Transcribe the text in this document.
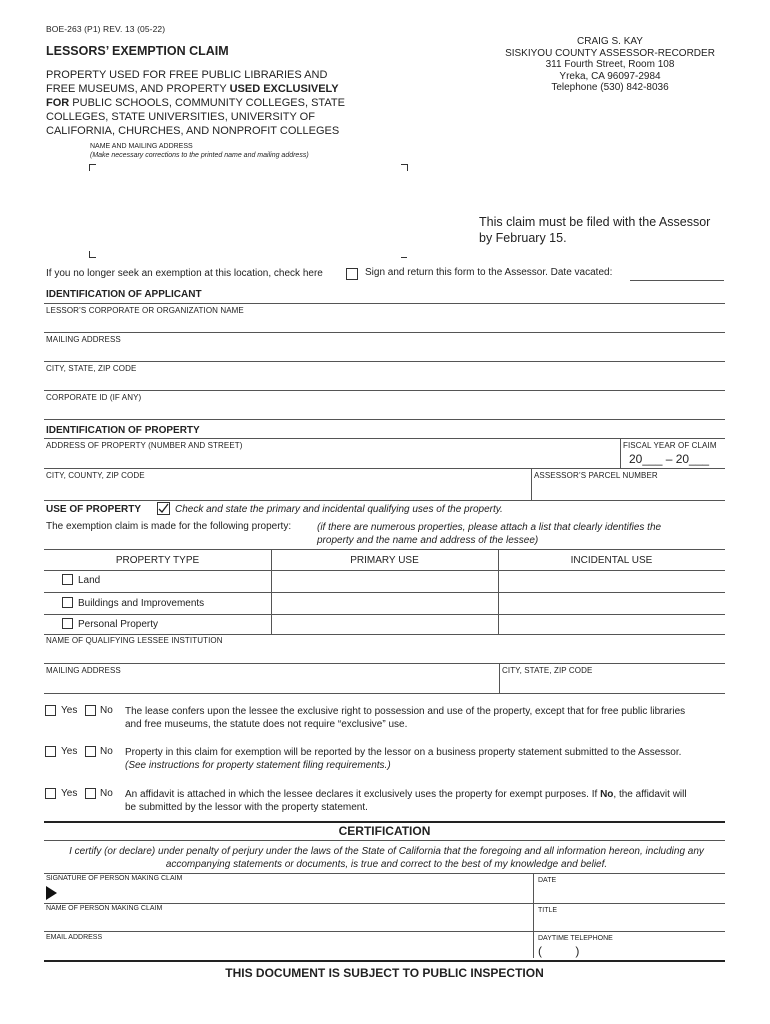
BOE-263 (P1) REV. 13 (05-22)
LESSORS’ EXEMPTION CLAIM
PROPERTY USED FOR FREE PUBLIC LIBRARIES AND
FREE MUSEUMS, AND PROPERTY USED EXCLUSIVELY
FOR PUBLIC SCHOOLS, COMMUNITY COLLEGES, STATE
COLLEGES, STATE UNIVERSITIES, UNIVERSITY OF
CALIFORNIA, CHURCHES, AND NONPROFIT COLLEGES
CRAIG S. KAY
SISKIYOU COUNTY ASSESSOR-RECORDER
311 Fourth Street, Room 108
Yreka, CA 96097-2984
Telephone (530) 842-8036
NAME AND MAILING ADDRESS
(Make necessary corrections to the printed name and mailing address)
This claim must be filed with the Assessor
by February 15.
If you no longer seek an exemption at this location, check here	Sign and return this form to the Assessor. Date vacated:
IDENTIFICATION OF APPLICANT
LESSOR’S CORPORATE OR ORGANIZATION NAME
MAILING ADDRESS
CITY, STATE, ZIP CODE
CORPORATE ID (IF ANY)
IDENTIFICATION OF PROPERTY
ADDRESS OF PROPERTY (NUMBER AND STREET)	FISCAL YEAR OF CLAIM
20___ – 20___
CITY, COUNTY, ZIP CODE	ASSESSOR’S PARCEL NUMBER
USE OF PROPERTY	Check and state the primary and incidental qualifying uses of the property.
The exemption claim is made for the following property:	(if there are numerous properties, please attach a list that clearly identifies the
property and the name and address of the lessee)
PROPERTY TYPE	PRIMARY USE	INCIDENTAL USE
Land
Buildings and Improvements
Personal Property
NAME OF QUALIFYING LESSEE INSTITUTION
MAILING ADDRESS	CITY, STATE, ZIP CODE
Yes No The lease confers upon the lessee the exclusive right to possession and use of the property, except that for free public libraries
and free museums, the statute does not require “exclusive” use.
Yes No Property in this claim for exemption will be reported by the lessor on a business property statement submitted to the Assessor.
(See instructions for property statement filing requirements.)
Yes No An affidavit is attached in which the lessee declares it exclusively uses the property for exempt purposes. If No, the affidavit will
be submitted by the lessor with the property statement.
CERTIFICATION
I certify (or declare) under penalty of perjury under the laws of the State of California that the foregoing and all information hereon, including any
accompanying statements or documents, is true and correct to the best of my knowledge and belief.
SIGNATURE OF PERSON MAKING CLAIM	DATE
NAME OF PERSON MAKING CLAIM	TITLE
EMAIL ADDRESS	DAYTIME TELEPHONE
(          )
THIS DOCUMENT IS SUBJECT TO PUBLIC INSPECTION
